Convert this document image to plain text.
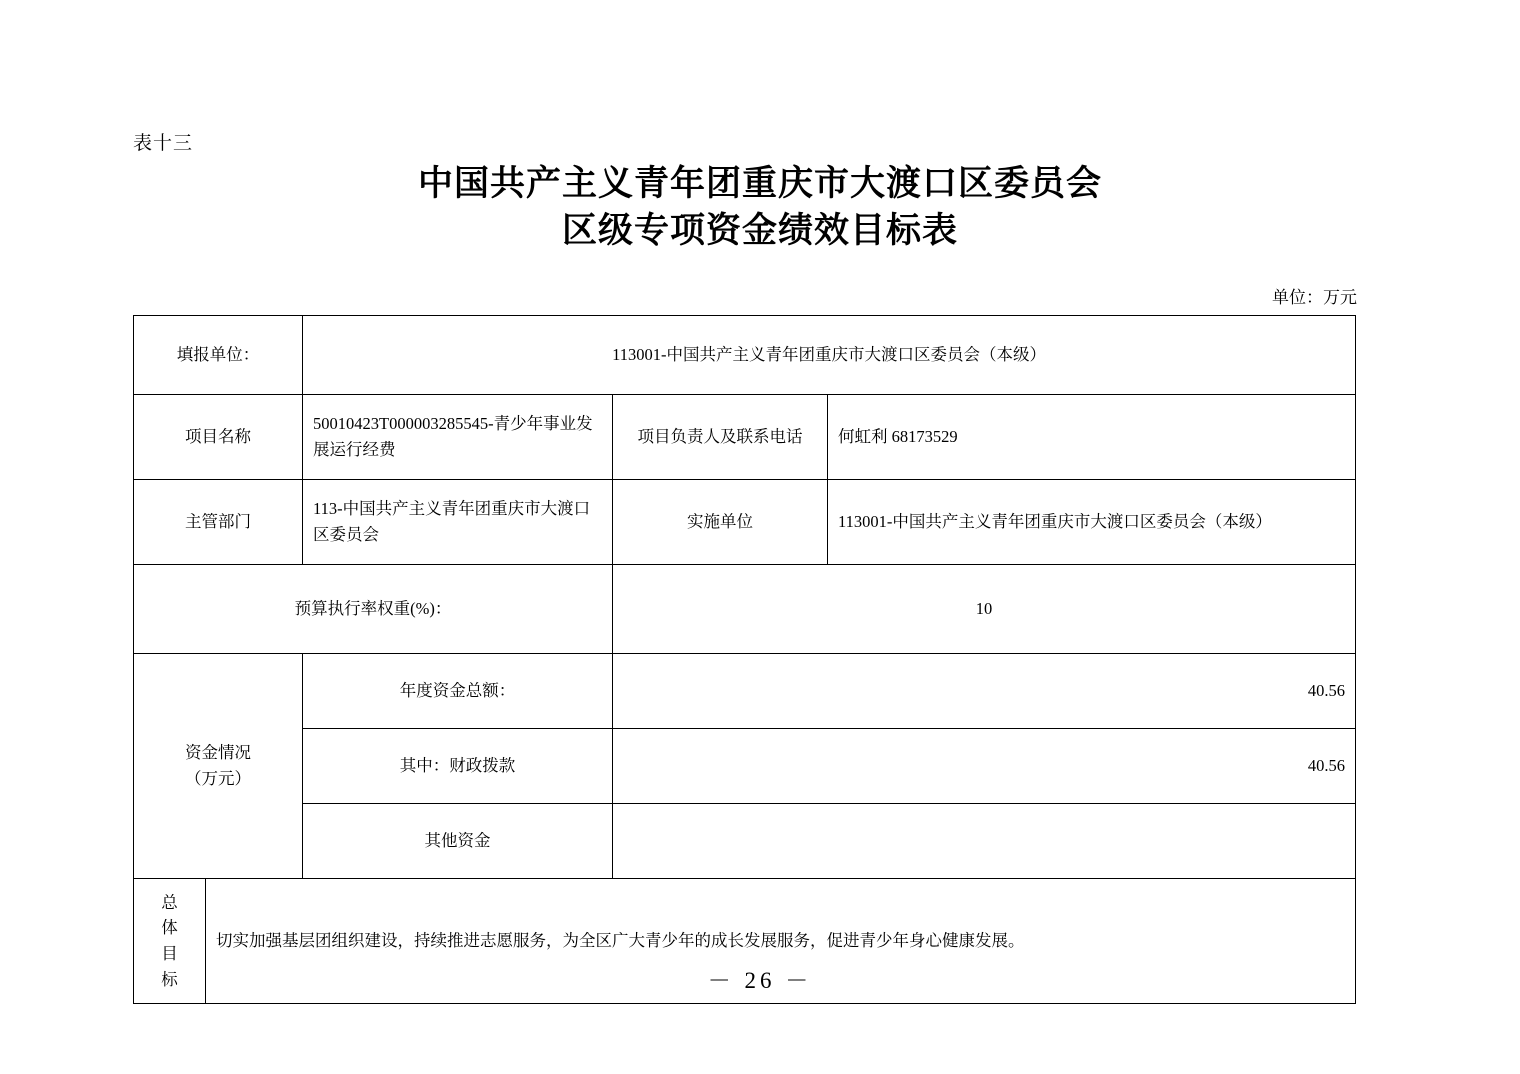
表十三
中国共产主义青年团重庆市大渡口区委员会
区级专项资金绩效目标表
单位：万元
填报单位：		113001-中国共产主义青年团重庆市大渡口区委员会（本级）		
项目名称		50010423T000003285545-青少年事业发展运行经费	项目负责人及联系电话	何虹利 68173529
主管部门		113-中国共产主义青年团重庆市大渡口区委员会	实施单位	113001-中国共产主义青年团重庆市大渡口区委员会（本级）
预算执行率权重(%)：			10	

资金情况
（万元）		年度资金总额：	40.56	
		其中：财政拨款	40.56	
		其他资金		

总
体
目
标	切实加强基层团组织建设，持续推进志愿服务，为全区广大青少年的成长发展服务，促进青少年身心健康发展。			
－ 26 －
